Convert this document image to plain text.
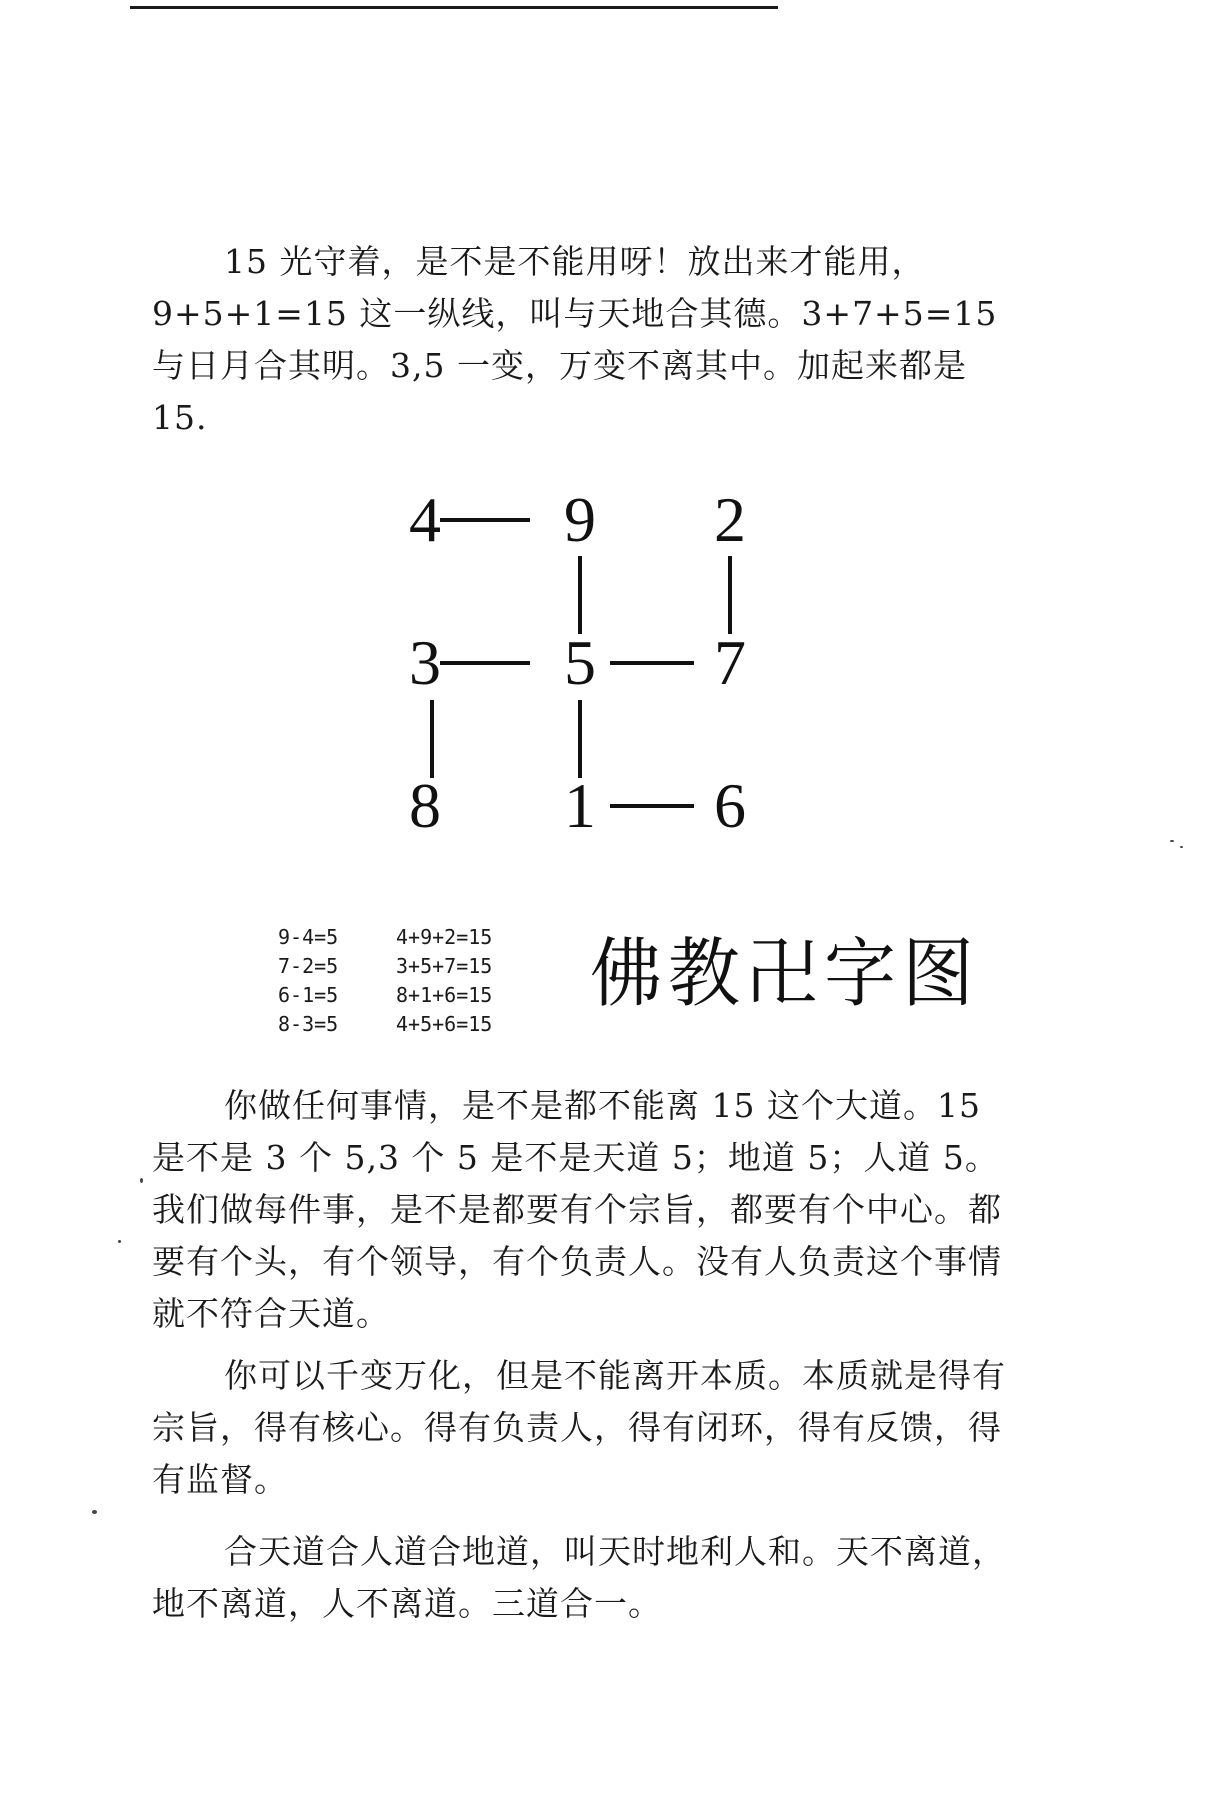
15 光守着，是不是不能用呀！放出来才能用，9+5+1=15 这一纵线，叫与天地合其德。3+7+5=15 与日月合其明。3,5 一变，万变不离其中。加起来都是 15.

4 9 2
3 5 7
8 1 6
9-4=5	4+9+2=15
7-2=5	3+5+7=15
6-1=5	8+1+6=15
8-3=5	4+5+6=15
佛教卍字图

你做任何事情，是不是都不能离 15 这个大道。15 是不是 3 个 5,3 个 5 是不是天道 5；地道 5；人道 5。我们做每件事，是不是都要有个宗旨，都要有个中心。都要有个头，有个领导，有个负责人。没有人负责这个事情就不符合天道。

你可以千变万化，但是不能离开本质。本质就是得有宗旨，得有核心。得有负责人，得有闭环，得有反馈，得有监督。

合天道合人道合地道，叫天时地利人和。天不离道，地不离道，人不离道。三道合一。
